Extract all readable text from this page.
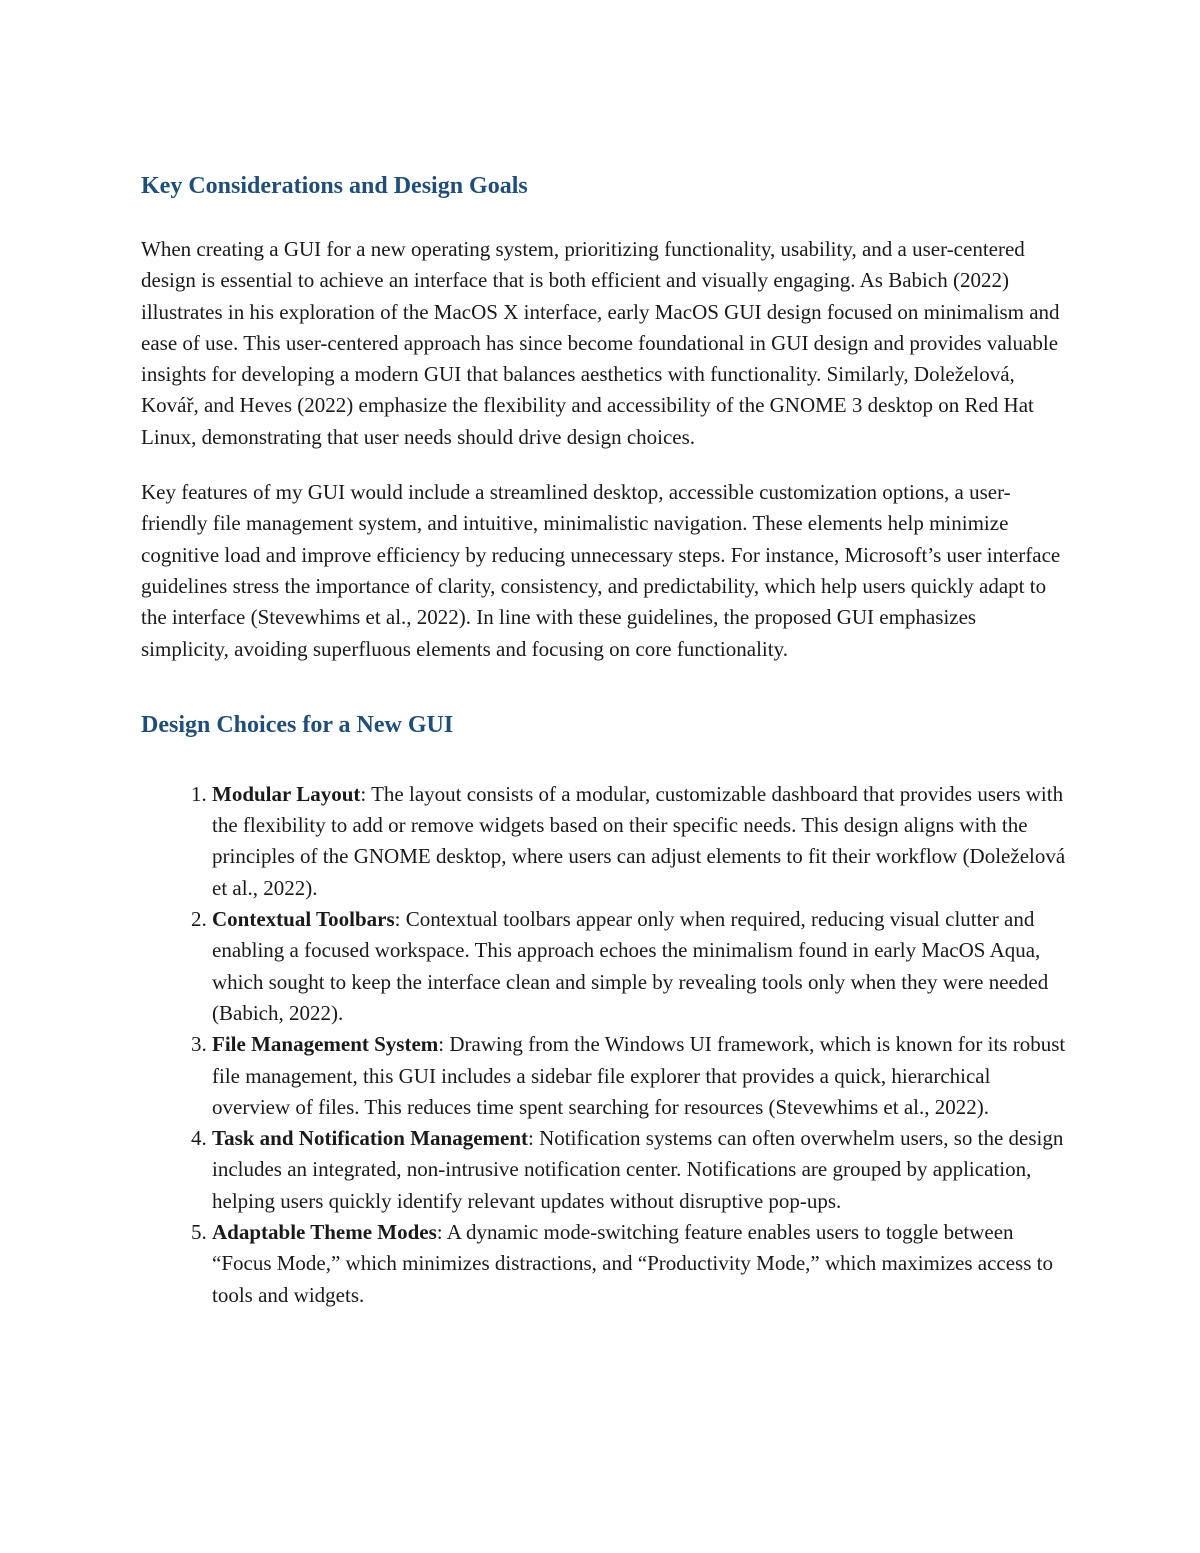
Key Considerations and Design Goals

When creating a GUI for a new operating system, prioritizing functionality, usability, and a user-centered design is essential to achieve an interface that is both efficient and visually engaging. As Babich (2022) illustrates in his exploration of the MacOS X interface, early MacOS GUI design focused on minimalism and ease of use. This user-centered approach has since become foundational in GUI design and provides valuable insights for developing a modern GUI that balances aesthetics with functionality. Similarly, Doleželová, Kovář, and Heves (2022) emphasize the flexibility and accessibility of the GNOME 3 desktop on Red Hat Linux, demonstrating that user needs should drive design choices.

Key features of my GUI would include a streamlined desktop, accessible customization options, a user-friendly file management system, and intuitive, minimalistic navigation. These elements help minimize cognitive load and improve efficiency by reducing unnecessary steps. For instance, Microsoft’s user interface guidelines stress the importance of clarity, consistency, and predictability, which help users quickly adapt to the interface (Stevewhims et al., 2022). In line with these guidelines, the proposed GUI emphasizes simplicity, avoiding superfluous elements and focusing on core functionality.

Design Choices for a New GUI
1. Modular Layout: The layout consists of a modular, customizable dashboard that provides users with the flexibility to add or remove widgets based on their specific needs. This design aligns with the principles of the GNOME desktop, where users can adjust elements to fit their workflow (Doleželová et al., 2022).
2. Contextual Toolbars: Contextual toolbars appear only when required, reducing visual clutter and enabling a focused workspace. This approach echoes the minimalism found in early MacOS Aqua, which sought to keep the interface clean and simple by revealing tools only when they were needed (Babich, 2022).
3. File Management System: Drawing from the Windows UI framework, which is known for its robust file management, this GUI includes a sidebar file explorer that provides a quick, hierarchical overview of files. This reduces time spent searching for resources (Stevewhims et al., 2022).
4. Task and Notification Management: Notification systems can often overwhelm users, so the design includes an integrated, non-intrusive notification center. Notifications are grouped by application, helping users quickly identify relevant updates without disruptive pop-ups.
5. Adaptable Theme Modes: A dynamic mode-switching feature enables users to toggle between “Focus Mode,” which minimizes distractions, and “Productivity Mode,” which maximizes access to tools and widgets.
